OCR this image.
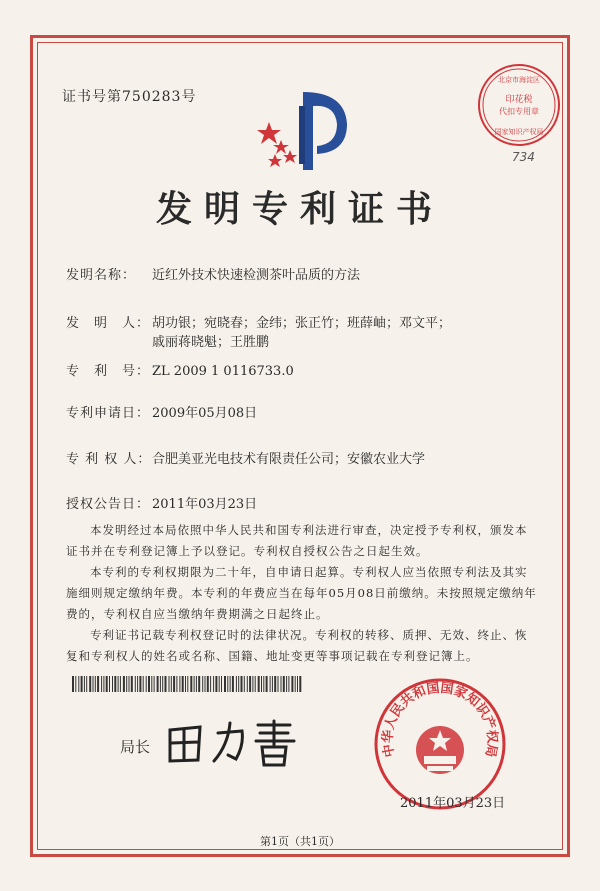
证书号第750283号
北京市海淀区
印花税
代扣专用章
国家知识产权局
734
发明专利证书
发明名称： 近红外技术快速检测茶叶品质的方法
发　明　人： 胡功银；宛晓春；金纬；张正竹；班薛岫；邓文平；戚丽蒋晓魁；王胜鹏
专　利　号： ZL 2009 1 0116733.0
专利申请日： 2009年05月08日
专 利 权 人：合肥美亚光电技术有限责任公司；安徽农业大学
授权公告日： 2011年03月23日
本发明经过本局依照中华人民共和国专利法进行审查，决定授予专利权，颁发本证书并在专利登记簿上予以登记。专利权自授权公告之日起生效。
本专利的专利权期限为二十年，自申请日起算。专利权人应当依照专利法及其实施细则规定缴纳年费。本专利的年费应当在每年05月08日前缴纳。未按照规定缴纳年费的，专利权自应当缴纳年费期满之日起终止。
专利证书记载专利权登记时的法律状况。专利权的转移、质押、无效、终止、恢复和专利权人的姓名或名称、国籍、地址变更等事项记载在专利登记簿上。
局长	中华人民共和国国家知识产权局
2011年03月23日
第1页（共1页）
